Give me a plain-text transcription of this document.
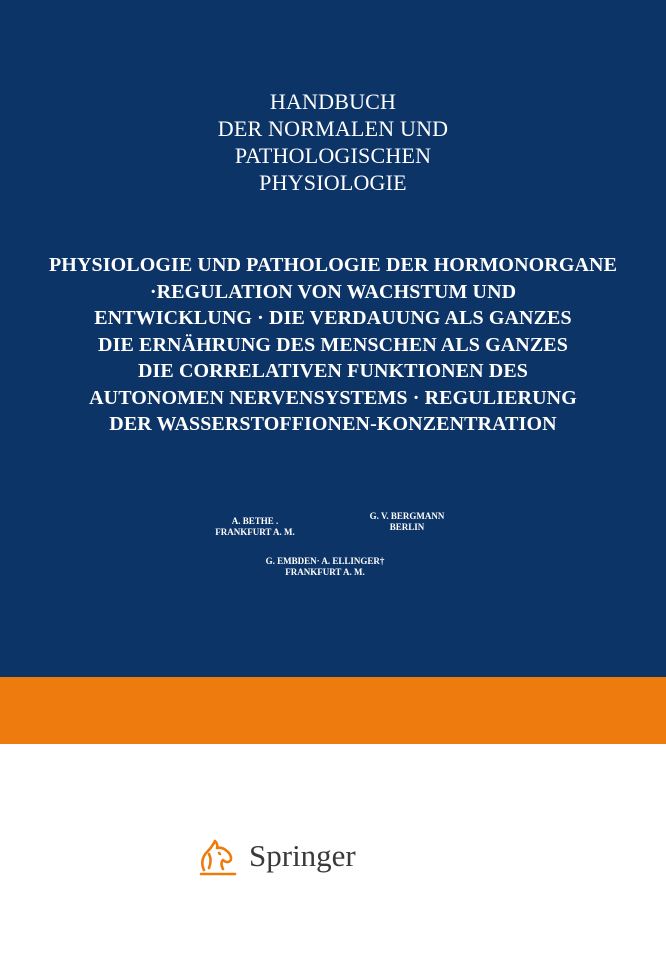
HANDBUCH
DER NORMALEN UND
PATHOLOGISCHEN
PHYSIOLOGIE
PHYSIOLOGIE UND PATHOLOGIE DER HORMONORGANE
·REGULATION VON WACHSTUM UND
ENTWICKLUNG · DIE VERDAUUNG ALS GANZES
DIE ERNÄHRUNG DES MENSCHEN ALS GANZES
DIE CORRELATIVEN FUNKTIONEN DES
AUTONOMEN NERVENSYSTEMS · REGULIERUNG
DER WASSERSTOFFIONEN-KONZENTRATION
A. BETHE .
FRANKFURT A. M.
G. V. BERGMANN
BERLIN
G. EMBDEN· A. ELLINGER†
FRANKFURT A. M.
Springer
